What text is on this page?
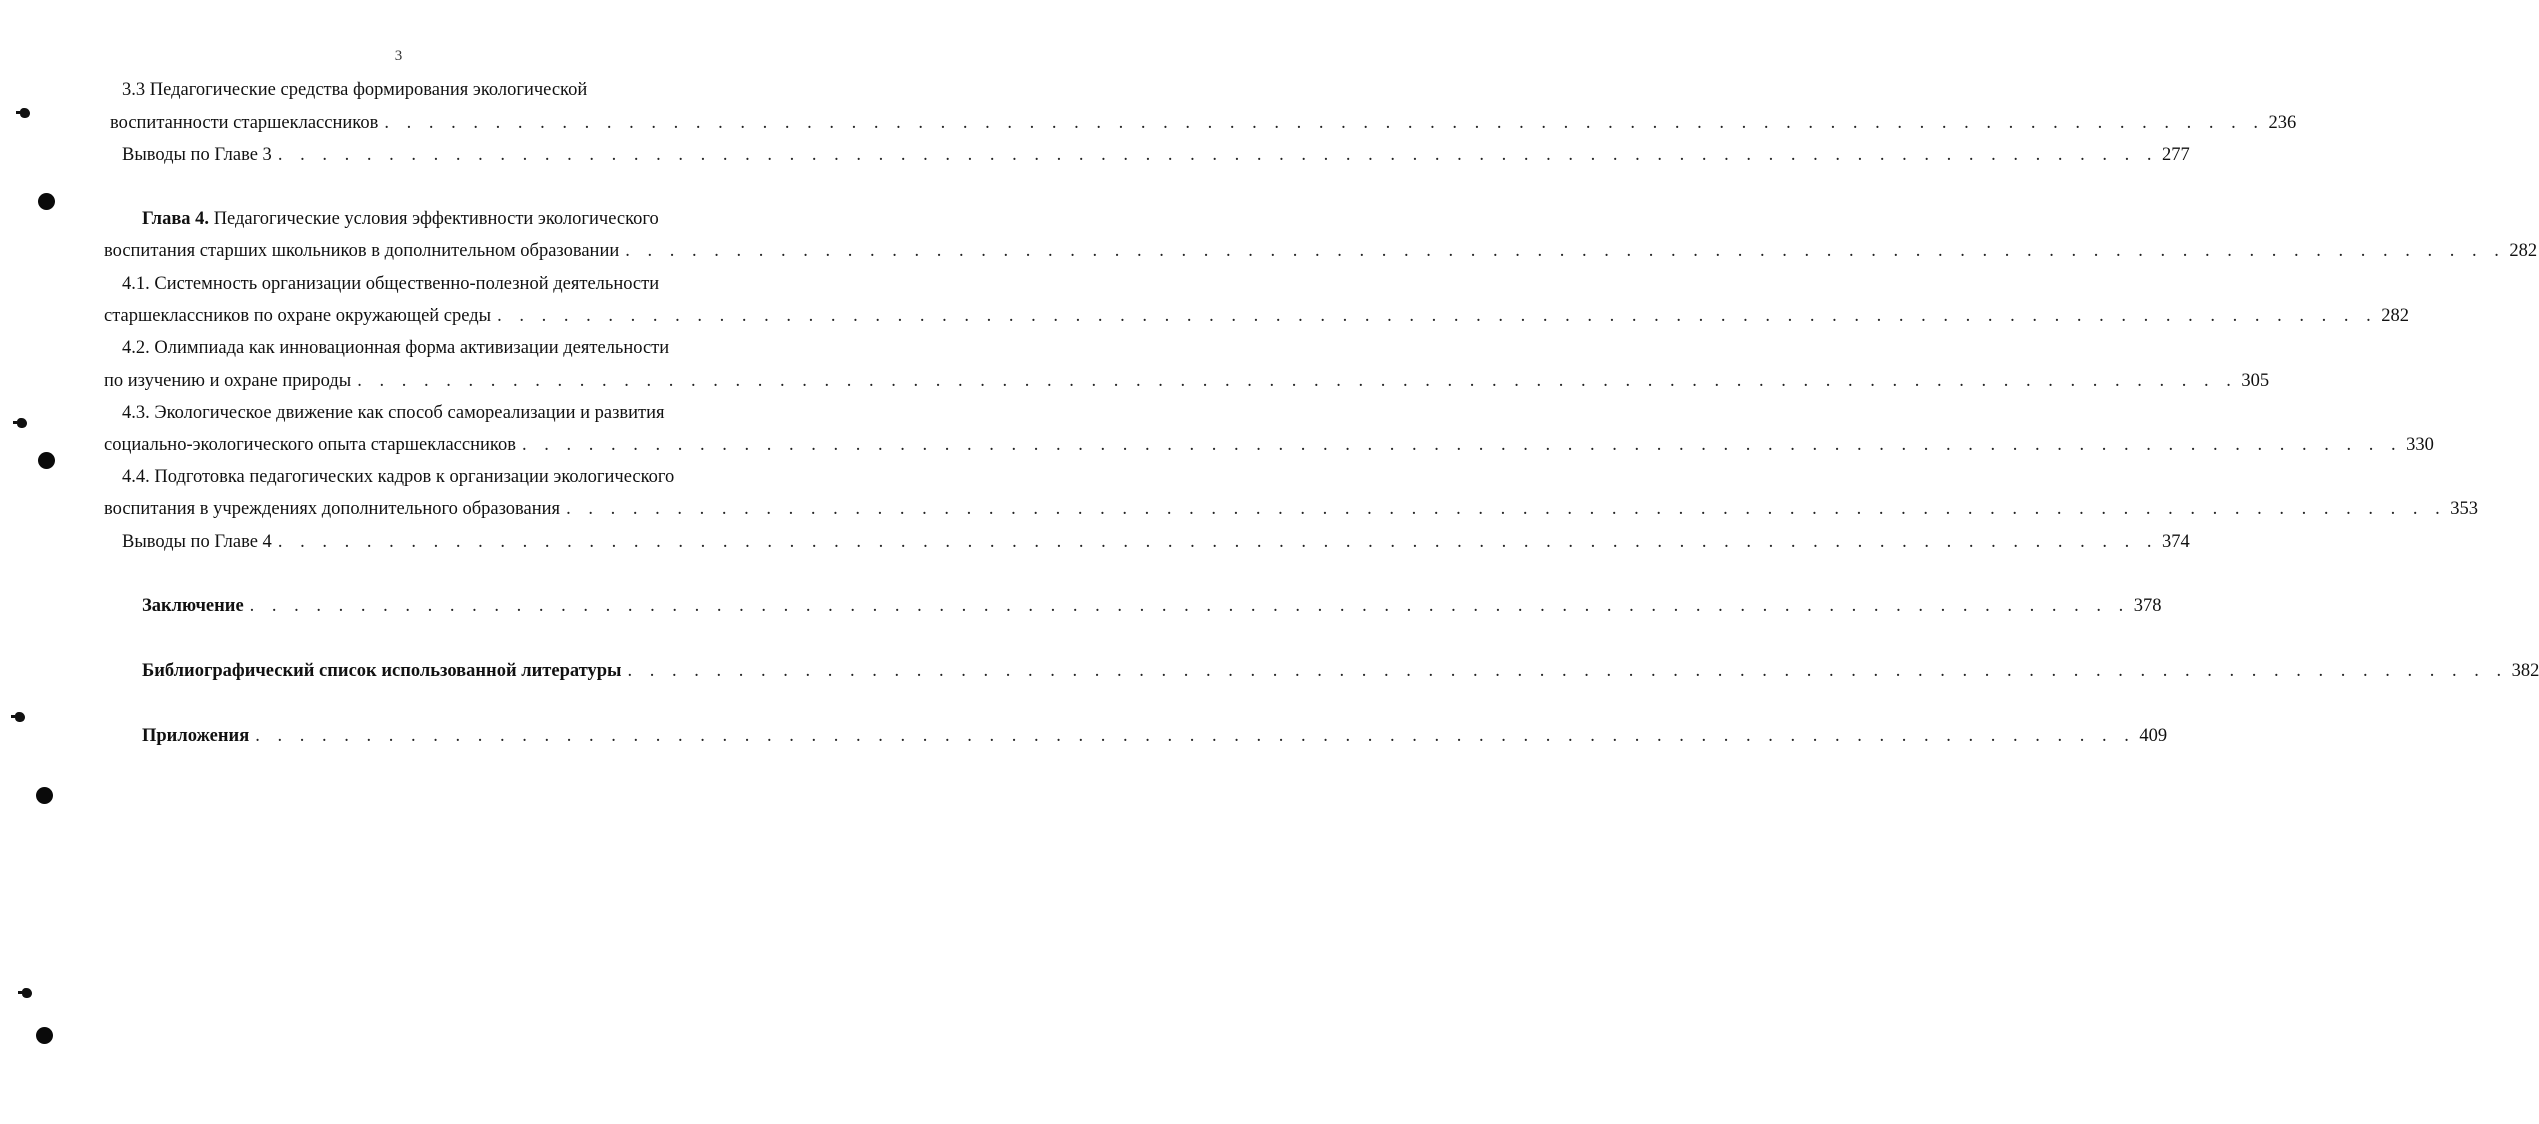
3
3.3 Педагогические средства формирования экологической
воспитанности старшеклассников . . . . . . . . . . . . . . . . . . . . . . . . . . . . . . . . . . . . . . . . . . . . . . . . . . . . . . . . . . . . . . . . . . . . . . . . . . . . . . . . . . . . . 236
Выводы по Главе 3 . . . . . . . . . . . . . . . . . . . . . . . . . . . . . . . . . . . . . . . . . . . . . . . . . . . . . . . . . . . . . . . . . . . . . . . . . . . . . . . . . . . . . 277
Глава 4. Педагогические условия эффективности экологического
воспитания старших школьников в дополнительном образовании . . . . . . . . . . . . . . . . . . . . . . . . . . . . . . . . . . . . . . . . . . . . . . . . . . . . . . . . . . . . . . . . . . . . . . . . . . . . . . . . . . . . . 282
4.1. Системность организации общественно-полезной деятельности
старшеклассников по охране окружающей среды . . . . . . . . . . . . . . . . . . . . . . . . . . . . . . . . . . . . . . . . . . . . . . . . . . . . . . . . . . . . . . . . . . . . . . . . . . . . . . . . . . . . . 282
4.2. Олимпиада как инновационная форма активизации деятельности
по изучению и охране природы . . . . . . . . . . . . . . . . . . . . . . . . . . . . . . . . . . . . . . . . . . . . . . . . . . . . . . . . . . . . . . . . . . . . . . . . . . . . . . . . . . . . . 305
4.3. Экологическое движение как способ самореализации и развития
социально-экологического опыта старшеклассников . . . . . . . . . . . . . . . . . . . . . . . . . . . . . . . . . . . . . . . . . . . . . . . . . . . . . . . . . . . . . . . . . . . . . . . . . . . . . . . . . . . . . 330
4.4. Подготовка педагогических кадров к организации экологического
воспитания в учреждениях дополнительного образования . . . . . . . . . . . . . . . . . . . . . . . . . . . . . . . . . . . . . . . . . . . . . . . . . . . . . . . . . . . . . . . . . . . . . . . . . . . . . . . . . . . . . 353
Выводы по Главе 4 . . . . . . . . . . . . . . . . . . . . . . . . . . . . . . . . . . . . . . . . . . . . . . . . . . . . . . . . . . . . . . . . . . . . . . . . . . . . . . . . . . . . . 374
Заключение . . . . . . . . . . . . . . . . . . . . . . . . . . . . . . . . . . . . . . . . . . . . . . . . . . . . . . . . . . . . . . . . . . . . . . . . . . . . . . . . . . . . . 378
Библиографический список использованной литературы . . . . . . . . . . . . . . . . . . . . . . . . . . . . . . . . . . . . . . . . . . . . . . . . . . . . . . . . . . . . . . . . . . . . . . . . . . . . . . . . . . . . . 382
Приложения . . . . . . . . . . . . . . . . . . . . . . . . . . . . . . . . . . . . . . . . . . . . . . . . . . . . . . . . . . . . . . . . . . . . . . . . . . . . . . . . . . . . . 409
